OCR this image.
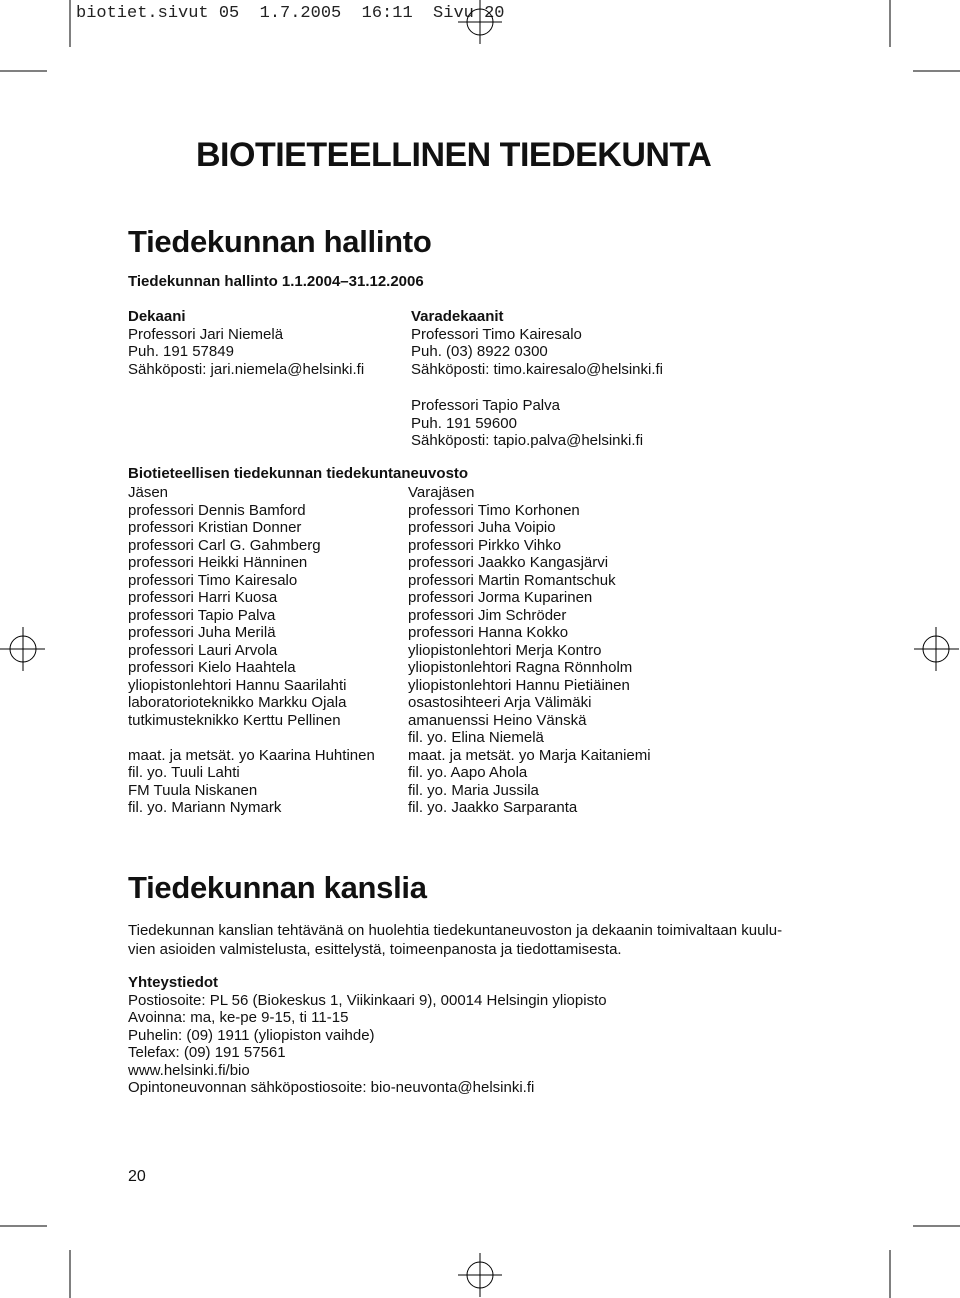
biotiet.sivut 05  1.7.2005  16:11  Sivu 20
BIOTIETEELLINEN TIEDEKUNTA
Tiedekunnan hallinto
Tiedekunnan hallinto 1.1.2004–31.12.2006
Dekaani
Professori Jari Niemelä
Puh. 191 57849
Sähköposti: jari.niemela@helsinki.fi
Varadekaanit
Professori Timo Kairesalo
Puh. (03) 8922 0300
Sähköposti: timo.kairesalo@helsinki.fi
Professori Tapio Palva
Puh. 191 59600
Sähköposti: tapio.palva@helsinki.fi
Biotieteellisen tiedekunnan tiedekuntaneuvosto
Jäsen
professori Dennis Bamford
professori Kristian Donner
professori Carl G. Gahmberg
professori Heikki Hänninen
professori Timo Kairesalo
professori Harri Kuosa
professori Tapio Palva
professori Juha Merilä
professori Lauri Arvola
professori Kielo Haahtela
yliopistonlehtori Hannu Saarilahti
laboratorioteknikko Markku Ojala
tutkimusteknikko Kerttu Pellinen

maat. ja metsät. yo Kaarina Huhtinen
fil. yo. Tuuli Lahti
FM Tuula Niskanen
fil. yo. Mariann Nymark
Varajäsen
professori Timo Korhonen
professori Juha Voipio
professori Pirkko Vihko
professori Jaakko Kangasjärvi
professori Martin Romantschuk
professori Jorma Kuparinen
professori Jim Schröder
professori Hanna Kokko
yliopistonlehtori Merja Kontro
yliopistonlehtori Ragna Rönnholm
yliopistonlehtori Hannu Pietiäinen
osastosihteeri Arja Välimäki
amanuenssi Heino Vänskä
fil. yo. Elina Niemelä
maat. ja metsät. yo Marja Kaitaniemi
fil. yo. Aapo Ahola
fil. yo. Maria Jussila
fil. yo. Jaakko Sarparanta
Tiedekunnan kanslia
Tiedekunnan kanslian tehtävänä on huolehtia tiedekuntaneuvoston ja dekaanin toimivaltaan kuulu-
vien asioiden valmistelusta, esittelystä, toimeenpanosta ja tiedottamisesta.
Yhteystiedot
Postiosoite: PL 56 (Biokeskus 1, Viikinkaari 9), 00014 Helsingin yliopisto
Avoinna: ma, ke-pe 9-15, ti 11-15
Puhelin: (09) 1911 (yliopiston vaihde)
Telefax: (09) 191 57561
www.helsinki.fi/bio
Opintoneuvonnan sähköpostiosoite: bio-neuvonta@helsinki.fi
20
